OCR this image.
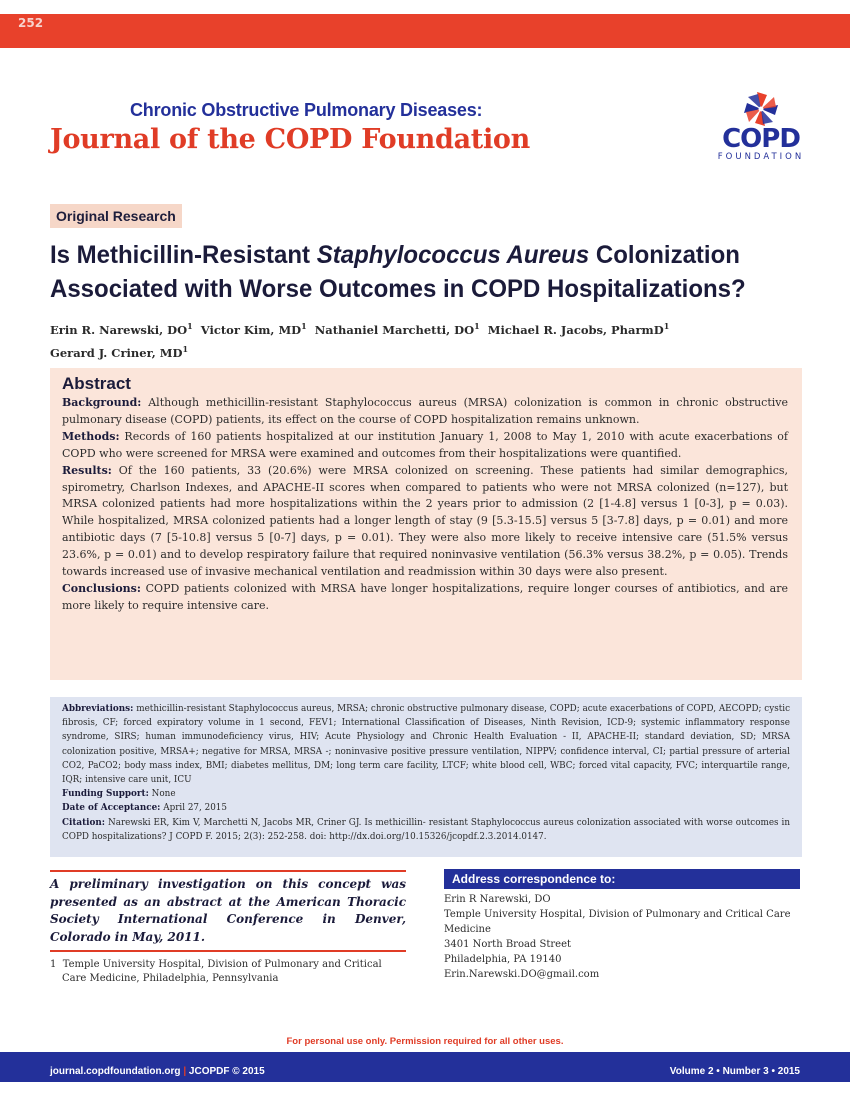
252
Chronic Obstructive Pulmonary Diseases:
Journal of the COPD Foundation	COPD
FOUNDATION
Original Research
Is Methicillin-Resistant Staphylococcus Aureus Colonization Associated with Worse Outcomes in COPD Hospitalizations?
Erin R. Narewski, $DO^1$ Victor Kim, $MD^1$ Nathaniel Marchetti, $DO^1$ Michael R. Jacobs, PharmD$^1$
Gerard J. Criner, $MD^1$
Abstract

Background: Although methicillin-resistant Staphylococcus aureus (MRSA) colonization is common in chronic obstructive pulmonary disease (COPD) patients, its effect on the course of COPD hospitalization remains unknown.

Methods: Records of 160 patients hospitalized at our institution January 1, 2008 to May 1, 2010 with acute exacerbations of COPD who were screened for MRSA were examined and outcomes from their hospitalizations were quantified.

Results: Of the 160 patients, 33 (20.6%) were MRSA colonized on screening. These patients had similar demographics, spirometry, Charlson Indexes, and APACHE-II scores when compared to patients who were not MRSA colonized (n=127), but MRSA colonized patients had more hospitalizations within the 2 years prior to admission (2 [1-4.8] versus 1 [0-3], p = 0.03). While hospitalized, MRSA colonized patients had a longer length of stay (9 [5.3-15.5] versus 5 [3-7.8] days, p = 0.01) and more antibiotic days (7 [5-10.8] versus 5 [0-7] days, p = 0.01). They were also more likely to receive intensive care (51.5% versus 23.6%, p = 0.01) and to develop respiratory failure that required noninvasive ventilation (56.3% versus 38.2%, p = 0.05). Trends towards increased use of invasive mechanical ventilation and readmission within 30 days were also present.

Conclusions: COPD patients colonized with MRSA have longer hospitalizations, require longer courses of antibiotics, and are more likely to require intensive care.

Abbreviations: methicillin-resistant Staphylococcus aureus, MRSA; chronic obstructive pulmonary disease, COPD; acute exacerbations of COPD, AECOPD; cystic fibrosis, CF; forced expiratory volume in 1 second, FEV1; International Classification of Diseases, Ninth Revision, ICD-9; systemic inflammatory response syndrome, SIRS; human immunodeficiency virus, HIV; Acute Physiology and Chronic Health Evaluation - II, APACHE-II; standard deviation, SD; MRSA colonization positive, MRSA+; negative for MRSA, MRSA -; noninvasive positive pressure ventilation, NIPPV; confidence interval, CI; partial pressure of arterial CO2, PaCO2; body mass index, BMI; diabetes mellitus, DM; long term care facility, LTCF; white blood cell, WBC; forced vital capacity, FVC; interquartile range, IQR; intensive care unit, ICU
Funding Support: None
Date of Acceptance: April 27, 2015
Citation: Narewski ER, Kim V, Marchetti N, Jacobs MR, Criner GJ. Is methicillin- resistant Staphylococcus aureus colonization associated with worse outcomes in COPD hospitalizations? J COPD F. 2015; 2(3): 252-258. doi: http://dx.doi.org/10.15326/jcopdf.2.3.2014.0147.
A preliminary investigation on this concept was presented as an abstract at the American Thoracic Society International Conference in Denver, Colorado in May, 2011.
1 Temple University Hospital, Division of Pulmonary and Critical Care Medicine, Philadelphia, Pennsylvania
Address correspondence to:
Erin R Narewski, DO
Temple University Hospital, Division of Pulmonary and Critical Care Medicine
3401 North Broad Street
Philadelphia, PA 19140
Erin.Narewski.DO@gmail.com
For personal use only. Permission required for all other uses.
journal.copdfoundation.org | JCOPDF © 2015	Volume 2 • Number 3 • 2015
